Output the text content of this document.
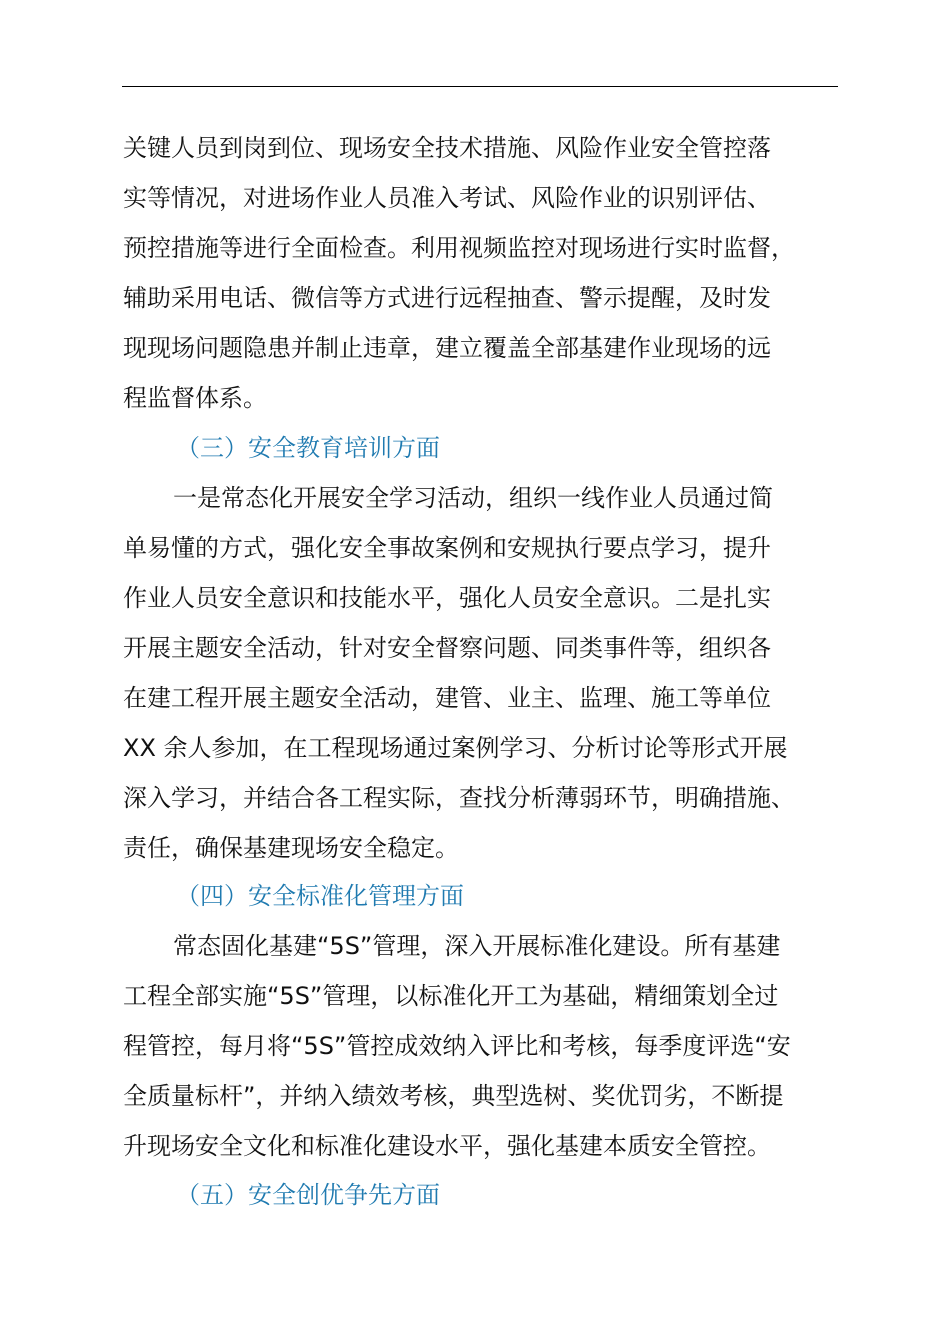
关键人员到岗到位、现场安全技术措施、风险作业安全管控落
实等情况，对进场作业人员准入考试、风险作业的识别评估、
预控措施等进行全面检查。利用视频监控对现场进行实时监督，
辅助采用电话、微信等方式进行远程抽查、警示提醒，及时发
现现场问题隐患并制止违章，建立覆盖全部基建作业现场的远
程监督体系。
（三）安全教育培训方面
一是常态化开展安全学习活动，组织一线作业人员通过简
单易懂的方式，强化安全事故案例和安规执行要点学习，提升
作业人员安全意识和技能水平，强化人员安全意识。二是扎实
开展主题安全活动，针对安全督察问题、同类事件等，组织各
在建工程开展主题安全活动，建管、业主、监理、施工等单位
XX 余人参加，在工程现场通过案例学习、分析讨论等形式开展
深入学习，并结合各工程实际，查找分析薄弱环节，明确措施、
责任，确保基建现场安全稳定。
（四）安全标准化管理方面
常态固化基建“5S”管理，深入开展标准化建设。所有基建
工程全部实施“5S”管理，以标准化开工为基础，精细策划全过
程管控，每月将“5S”管控成效纳入评比和考核，每季度评选“安
全质量标杆”，并纳入绩效考核，典型选树、奖优罚劣，不断提
升现场安全文化和标准化建设水平，强化基建本质安全管控。
（五）安全创优争先方面
